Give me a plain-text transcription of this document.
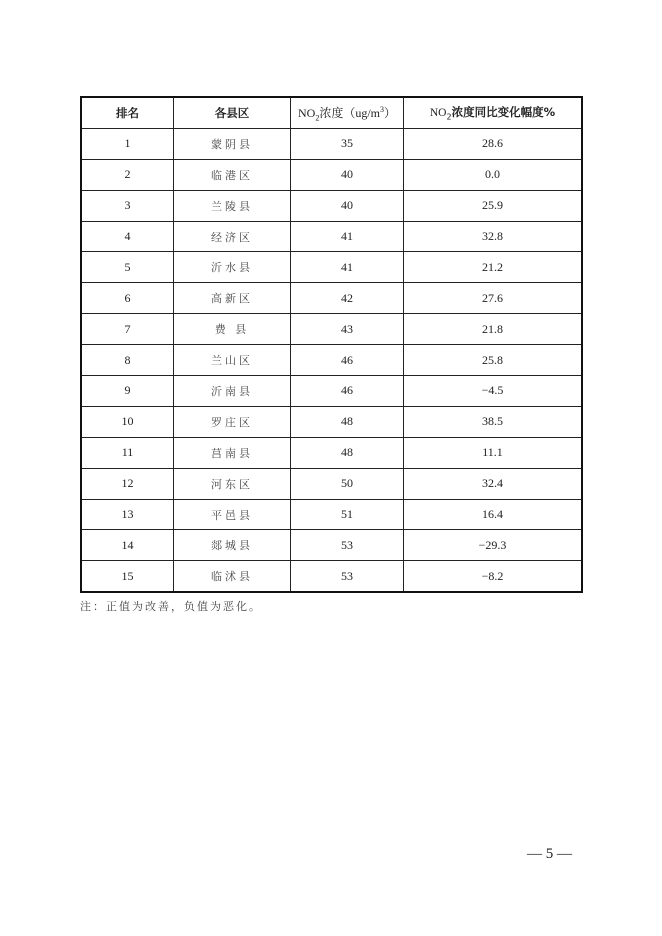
排名	各县区	$NO_2$浓度$(ug/m^3)$	$NO_2$浓度同比变化幅度%
1	蒙阴县	35	28.6
2	临港区	40	0.0
3	兰陵县	40	25.9
4	经济区	41	32.8
5	沂水县	41	21.2
6	高新区	42	27.6
7	费 县	43	21.8
8	兰山区	46	25.8
9	沂南县	46	−4.5
10	罗庄区	48	38.5
11	莒南县	48	11.1
12	河东区	50	32.4
13	平邑县	51	16.4
14	郯城县	53	−29.3
15	临沭县	53	−8.2
注：正值为改善，负值为恶化。
— 5 —
